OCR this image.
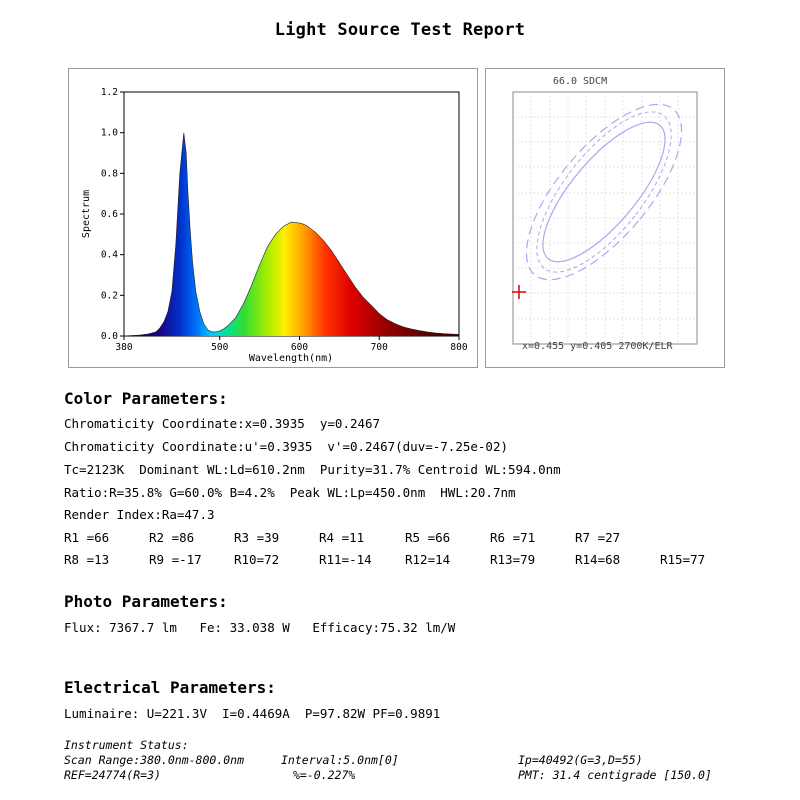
Light Source Test Report
0.0
0.2
0.4
0.6
0.8
1.0
1.2
380	500	600	700	800
Wavelength(nm)
Spectrum
66.0 SDCM
x=0.455 y=0.405 2700K/ELR
Color Parameters:
Chromaticity Coordinate:x=0.3935  y=0.2467
Chromaticity Coordinate:u'=0.3935  v'=0.2467(duv=-7.25e-02)
Tc=2123K  Dominant WL:Ld=610.2nm  Purity=31.7% Centroid WL:594.0nm
Ratio:R=35.8% G=60.0% B=4.2%  Peak WL:Lp=450.0nm  HWL:20.7nm
Render Index:Ra=47.3
R1 =66	R2 =86	R3 =39	R4 =11	R5 =66	R6 =71	R7 =27
R8 =13	R9 =-17	R10=72	R11=-14	R12=14	R13=79	R14=68	R15=77
Photo Parameters:
Flux: 7367.7 lm   Fe: 33.038 W   Efficacy:75.32 lm/W
Electrical Parameters:
Luminaire: U=221.3V  I=0.4469A  P=97.82W PF=0.9891
Instrument Status:
Scan Range:380.0nm-800.0nm	Interval:5.0nm[0]	Ip=40492(G=3,D=55)
REF=24774(R=3)	%=-0.227%	PMT: 31.4 centigrade [150.0]
